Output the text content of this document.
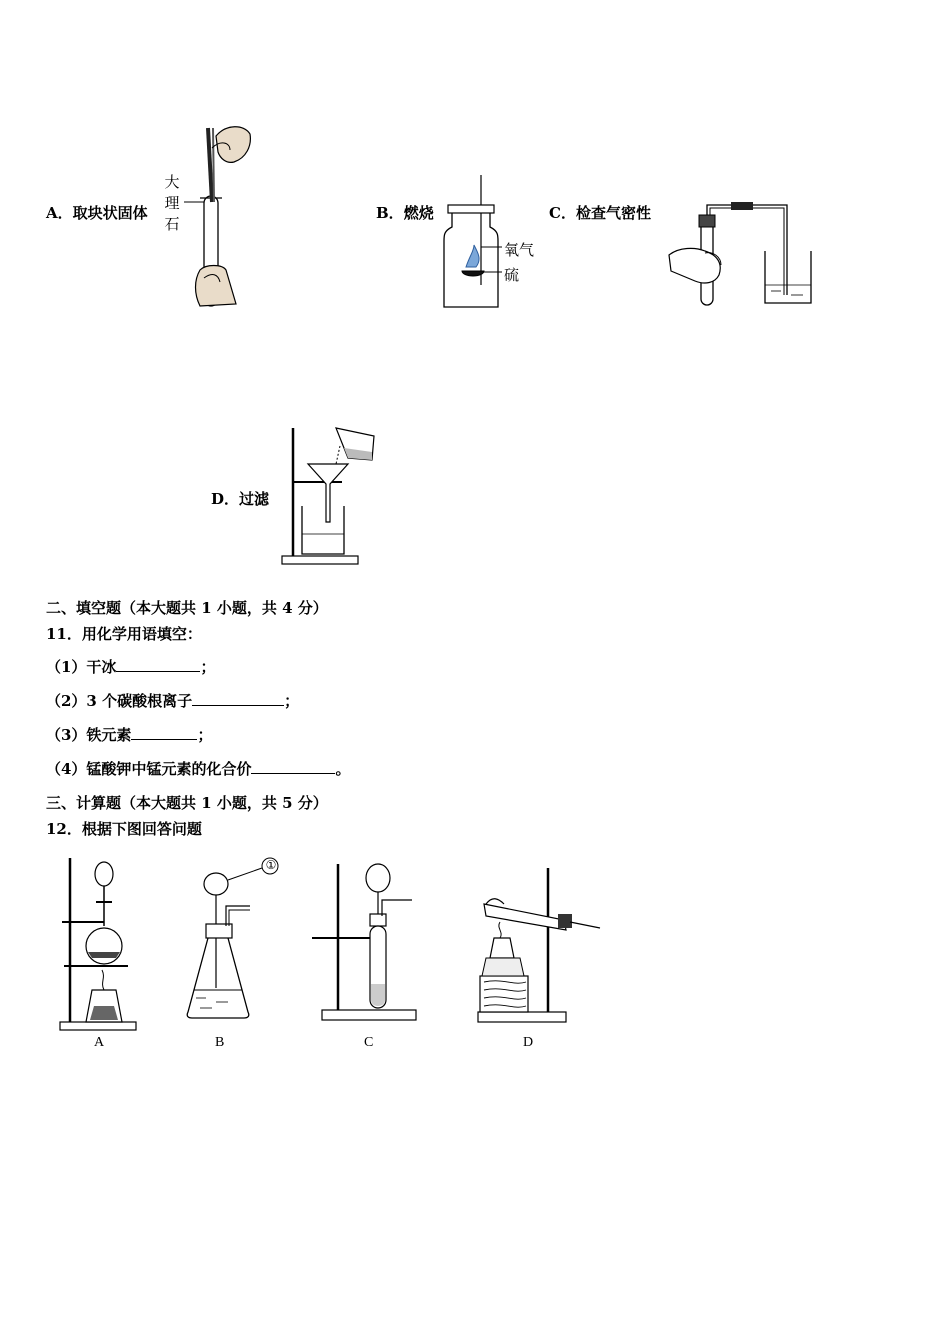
A．取块状固体
大
理
石
B．燃烧
氧气
硫
C．检查气密性
D．过滤
二、填空题（本大题共 1 小题，共 4 分）
11．用化学用语填空：
（1）干冰	；
（2）3 个碳酸根离子	；
（3）铁元素	；
（4）锰酸钾中锰元素的化合价	。
三、计算题（本大题共 1 小题，共 5 分）
12．根据下图回答问题
A
①
B	C	D
